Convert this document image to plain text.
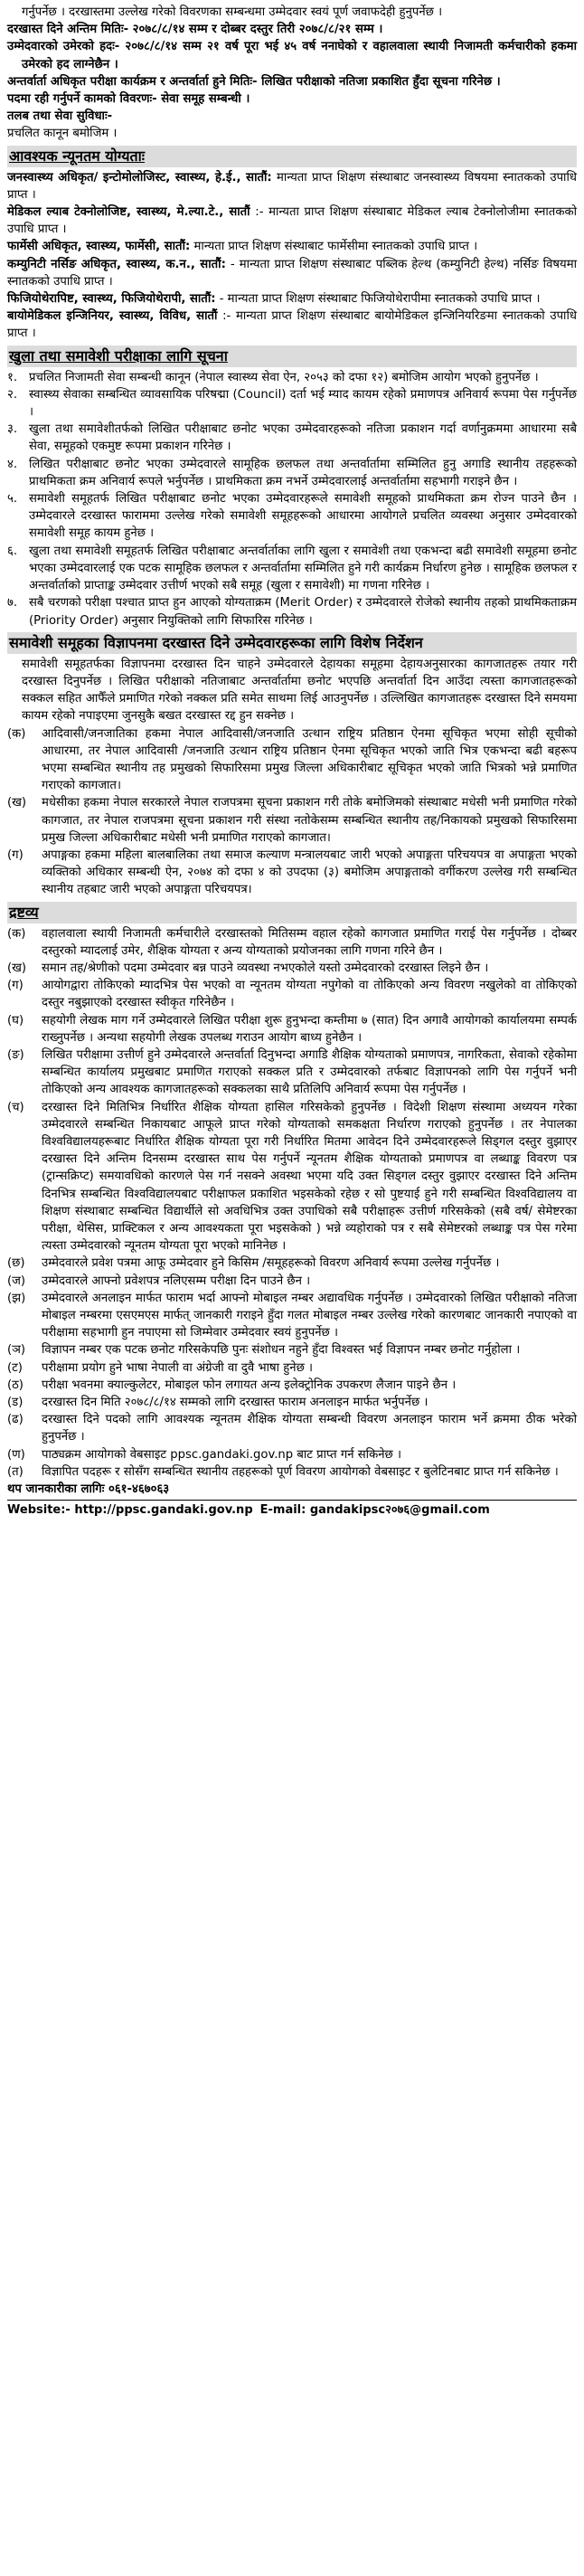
गर्नुपर्नेछ । दरखास्तमा उल्लेख गरेको विवरणका सम्बन्धमा उम्मेदवार स्वयं पूर्ण जवाफदेही हुनुपर्नेछ ।

दरखास्त दिने अन्तिम मितिः- २०७८/८/१४ सम्म र दोब्बर दस्तुर तिरी २०७८/८/२१ सम्म ।

उम्मेदवारको उमेरको हदः- २०७८/८/१४ सम्म २१ वर्ष पूरा भई ४५ वर्ष ननाघेको र वहालवाला स्थायी निजामती कर्मचारीको हकमा उमेरको हद लाग्नेछैन ।

अन्तर्वार्ता अधिकृत परीक्षा कार्यक्रम र अन्तर्वार्ता हुने मितिः- लिखित परीक्षाको नतिजा प्रकाशित हुँदा सूचना गरिनेछ ।

पदमा रही गर्नुपर्ने कामको विवरणः- सेवा समूह सम्बन्धी ।

तलब तथा सेवा सुविधाः-

प्रचलित कानून बमोजिम ।

आवश्यक न्यूनतम योग्यताः

जनस्वास्थ्य अधिकृत/ इन्टोमोलोजिस्ट, स्वास्थ्य, हे.ई., सातौं: मान्यता प्राप्त शिक्षण संस्थाबाट जनस्वास्थ्य विषयमा स्नातकको उपाधि प्राप्त ।

मेडिकल ल्याब टेक्नोलोजिष्ट, स्वास्थ्य, मे.ल्या.टे., सातौं :- मान्यता प्राप्त शिक्षण संस्थाबाट मेडिकल ल्याब टेक्नोलोजीमा स्नातकको उपाधि प्राप्त ।

फार्मेसी अधिकृत, स्वास्थ्य, फार्मेसी, सातौं: मान्यता प्राप्त शिक्षण संस्थाबाट फार्मेसीमा स्नातकको उपाधि प्राप्त ।

कम्युनिटी नर्सिङ अधिकृत, स्वास्थ्य, क.न., सातौं: - मान्यता प्राप्त शिक्षण संस्थाबाट पब्लिक हेल्थ (कम्युनिटी हेल्थ) नर्सिङ विषयमा स्नातकको उपाधि प्राप्त ।

फिजियोथेरापिष्ट, स्वास्थ्य, फिजियोथेरापी, सातौं: - मान्यता प्राप्त शिक्षण संस्थाबाट फिजियोथेरापीमा स्नातकको उपाधि प्राप्त ।

बायोमेडिकल इन्जिनियर, स्वास्थ्य, विविध, सातौं :- मान्यता प्राप्त शिक्षण संस्थाबाट बायोमेडिकल इन्जिनियरिङमा स्नातकको उपाधि प्राप्त ।

खुला तथा समावेशी परीक्षाका लागि सूचना
१. प्रचलित निजामती सेवा सम्बन्धी कानून (नेपाल स्वास्थ्य सेवा ऐन, २०५३ को दफा १२) बमोजिम आयोग भएको हुनुपर्नेछ ।
२. स्वास्थ्य सेवाका सम्बन्धित व्यावसायिक परिषद्मा (Council) दर्ता भई म्याद कायम रहेको प्रमाणपत्र अनिवार्य रूपमा पेस गर्नुपर्नेछ ।
३. खुला तथा समावेशीतर्फको लिखित परीक्षाबाट छनोट भएका उम्मेदवारहरूको नतिजा प्रकाशन गर्दा वर्णानुक्रममा आधारमा सबै सेवा, समूहको एकमुष्ट रूपमा प्रकाशन गरिनेछ ।
४. लिखित परीक्षाबाट छनोट भएका उम्मेदवारले सामूहिक छलफल तथा अन्तर्वार्तामा सम्मिलित हुनु अगाडि स्थानीय तहहरूको प्राथमिकता क्रम अनिवार्य रूपले भर्नुपर्नेछ । प्राथमिकता क्रम नभर्ने उम्मेदवारलाई अन्तर्वार्तामा सहभागी गराइने छैन ।
५. समावेशी समूहतर्फ लिखित परीक्षाबाट छनोट भएका उम्मेदवारहरूले समावेशी समूहको प्राथमिकता क्रम रोज्न पाउने छैन । उम्मेदवारले दरखास्त फाराममा उल्लेख गरेको समावेशी समूहहरूको आधारमा आयोगले प्रचलित व्यवस्था अनुसार उम्मेदवारको समावेशी समूह कायम हुनेछ ।
६. खुला तथा समावेशी समूहतर्फ लिखित परीक्षाबाट अन्तर्वार्ताका लागि खुला र समावेशी तथा एकभन्दा बढी समावेशी समूहमा छनोट भएका उम्मेदवारलाई एक पटक सामूहिक छलफल र अन्तर्वार्तामा सम्मिलित हुने गरी कार्यक्रम निर्धारण हुनेछ । सामूहिक छलफल र अन्तर्वार्ताको प्राप्ताङ्क उम्मेदवार उत्तीर्ण भएको सबै समूह (खुला र समावेशी) मा गणना गरिनेछ ।
७. सबै चरणको परीक्षा पश्चात प्राप्त हुन आएको योग्यताक्रम (Merit Order) र उम्मेदवारले रोजेको स्थानीय तहको प्राथमिकताक्रम (Priority Order) अनुसार नियुक्तिको लागि सिफारिस गरिनेछ ।
समावेशी समूहका विज्ञापनमा दरखास्त दिने उम्मेदवारहरूका लागि विशेष निर्देशन

समावेशी समूहतर्फका विज्ञापनमा दरखास्त दिन चाहने उम्मेदवारले देहायका समूहमा देहायअनुसारका कागजातहरू तयार गरी दरखास्त दिनुपर्नेछ । लिखित परीक्षाको नतिजाबाट अन्तर्वार्तामा छनोट भएपछि अन्तर्वार्ता दिन आउँदा त्यस्ता कागजातहरूको सक्कल सहित आफैँले प्रमाणित गरेको नक्कल प्रति समेत साथमा लिई आउनुपर्नेछ । उल्लिखित कागजातहरू दरखास्त दिने समयमा कायम रहेको नपाइएमा जुनसुकै बखत दरखास्त रद्द हुन सक्नेछ ।

(क)	आदिवासी/जनजातिका हकमा नेपाल आदिवासी/जनजाति उत्थान राष्ट्रिय प्रतिष्ठान ऐनमा सूचिकृत भएमा सोही सूचीको आधारमा, तर नेपाल आदिवासी /जनजाति उत्थान राष्ट्रिय प्रतिष्ठान ऐनमा सूचिकृत भएको जाति भित्र एकभन्दा बढी बहरूप भएमा सम्बन्धित स्थानीय तह प्रमुखको सिफारिसमा प्रमुख जिल्ला अधिकारीबाट सूचिकृत भएको जाति भित्रको भन्ने प्रमाणित गराएको कागजात।
(ख)	मधेसीका हकमा नेपाल सरकारले नेपाल राजपत्रमा सूचना प्रकाशन गरी तोके बमोजिमको संस्थाबाट मधेसी भनी प्रमाणित गरेको कागजात, तर नेपाल राजपत्रमा सूचना प्रकाशन गरी संस्था नतोकेसम्म सम्बन्धित स्थानीय तह/निकायको प्रमुखको सिफारिसमा प्रमुख जिल्ला अधिकारीबाट मधेसी भनी प्रमाणित गराएको कागजात।
(ग)	अपाङ्गका हकमा महिला बालबालिका तथा समाज कल्याण मन्त्रालयबाट जारी भएको अपाङ्गता परिचयपत्र वा अपाङ्गता भएको व्यक्तिको अधिकार सम्बन्धी ऐन, २०७४ को दफा ४ को उपदफा (३) बमोजिम अपाङ्गताको वर्गीकरण उल्लेख गरी सम्बन्धित स्थानीय तहबाट जारी भएको अपाङ्गता परिचयपत्र।
द्रष्टव्य
(क)	वहालवाला स्थायी निजामती कर्मचारीले दरखास्तको मितिसम्म वहाल रहेको कागजात प्रमाणित गराई पेस गर्नुपर्नेछ । दोब्बर दस्तुरको म्यादलाई उमेर, शैक्षिक योग्यता र अन्य योग्यताको प्रयोजनका लागि गणना गरिने छैन ।
(ख)	समान तह/श्रेणीको पदमा उम्मेदवार बन्न पाउने व्यवस्था नभएकोले यस्तो उम्मेदवारको दरखास्त लिइने छैन ।
(ग)	आयोगद्वारा तोकिएको म्यादभित्र पेस भएको वा न्यूनतम योग्यता नपुगेको वा तोकिएको अन्य विवरण नखुलेको वा तोकिएको दस्तुर नबुझाएको दरखास्त स्वीकृत गरिनेछैन ।
(घ)	सहयोगी लेखक माग गर्ने उम्मेदवारले लिखित परीक्षा शुरू हुनुभन्दा कम्तीमा ७ (सात) दिन अगावै आयोगको कार्यालयमा सम्पर्क राख्नुपर्नेछ । अन्यथा सहयोगी लेखक उपलब्ध गराउन आयोग बाध्य हुनेछैन ।
(ङ)	लिखित परीक्षामा उत्तीर्ण हुने उम्मेदवारले अन्तर्वार्ता दिनुभन्दा अगाडि शैक्षिक योग्यताको प्रमाणपत्र, नागरिकता, सेवाको रहेकोमा सम्बन्धित कार्यालय प्रमुखबाट प्रमाणित गराएको सक्कल प्रति र उम्मेदवारको तर्फबाट विज्ञापनको लागि पेस गर्नुपर्ने भनी तोकिएको अन्य आवश्यक कागजातहरूको सक्कलका साथै प्रतिलिपि अनिवार्य रूपमा पेस गर्नुपर्नेछ ।
(च)	दरखास्त दिने मितिभित्र निर्धारित शैक्षिक योग्यता हासिल गरिसकेको हुनुपर्नेछ । विदेशी शिक्षण संस्थामा अध्ययन गरेका उम्मेदवारले सम्बन्धित निकायबाट आफूले प्राप्त गरेको योग्यताको समकक्षता निर्धारण गराएको हुनुपर्नेछ । तर नेपालका विश्वविद्यालयहरूबाट निर्धारित शैक्षिक योग्यता पूरा गरी निर्धारित मितमा आवेदन दिने उम्मेदवारहरूले सिड्गल दस्तुर वुझाएर दरखास्त दिने अन्तिम दिनसम्म दरखास्त साथ पेस गर्नुपर्ने न्यूनतम शैक्षिक योग्यताको प्रमाणपत्र वा लब्धाङ्क विवरण पत्र (ट्रान्सक्रिप्ट) समयावधिको कारणले पेस गर्न नसक्ने अवस्था भएमा यदि उक्त सिड्गल दस्तुर वुझाएर दरखास्त दिने अन्तिम दिनभित्र सम्बन्धित विश्वविद्यालयबाट परीक्षाफल प्रकाशित भइसकेको रहेछ र सो पुष्टयाई हुने गरी सम्बन्धित विश्वविद्यालय वा शिक्षण संस्थाबाट सम्बन्धित विद्यार्थीले सो अवधिभित्र उक्त उपाधिको सबै परीक्षाहरू उत्तीर्ण गरिसकेको (सबै वर्ष/ सेमेष्टरका परीक्षा, थेसिस, प्राक्टिकल र अन्य आवश्यकता पूरा भइसकेको ) भन्ने व्यहोराको पत्र र सबै सेमेष्टरको लब्धाङ्क पत्र पेस गरेमा त्यस्ता उम्मेदवारको न्यूनतम योग्यता पूरा भएको मानिनेछ ।
(छ)	उम्मेदवारले प्रवेश पत्रमा आफू उम्मेदवार हुने किसिम /समूहहरूको विवरण अनिवार्य रूपमा उल्लेख गर्नुपर्नेछ ।
(ज)	उम्मेदवारले आफ्नो प्रवेशपत्र नलिएसम्म परीक्षा दिन पाउने छैन ।
(झ)	उम्मेदवारले अनलाइन मार्फत फाराम भर्दा आफ्नो मोबाइल नम्बर अद्यावधिक गर्नुपर्नेछ । उम्मेदवारको लिखित परीक्षाको नतिजा मोबाइल नम्बरमा एसएमएस मार्फत् जानकारी गराइने हुँदा गलत मोबाइल नम्बर उल्लेख गरेको कारणबाट जानकारी नपाएको वा परीक्षामा सहभागी हुन नपाएमा सो जिम्मेवार उम्मेदवार स्वयं हुनुपर्नेछ ।
(ञ)	विज्ञापन नम्बर एक पटक छनोट गरिसकेपछि पुनः संशोधन नहुने हुँदा विश्वस्त भई विज्ञापन नम्बर छनोट गर्नुहोला ।
(ट)	परीक्षामा प्रयोग हुने भाषा नेपाली वा अंग्रेजी वा दुवै भाषा हुनेछ ।
(ठ)	परीक्षा भवनमा क्याल्कुलेटर, मोबाइल फोन लगायत अन्य इलेक्ट्रोनिक उपकरण लैजान पाइने छैन ।
(ड)	दरखास्त दिन मिति २०७८/८/१४ सम्मको लागि दरखास्त फाराम अनलाइन मार्फत भर्नुपर्नेछ ।
(ढ)	दरखास्त दिने पदको लागि आवश्यक न्यूनतम शैक्षिक योग्यता सम्बन्धी विवरण अनलाइन फाराम भर्ने क्रममा ठीक भरेको हुनुपर्नेछ ।
(ण)	पाठ्यक्रम आयोगको वेबसाइट ppsc.gandaki.gov.np बाट प्राप्त गर्न सकिनेछ ।
(त)	विज्ञापित पदहरू र सोसँग सम्बन्धित स्थानीय तहहरूको पूर्ण विवरण आयोगको वेबसाइट र बुलेटिनबाट प्राप्त गर्न सकिनेछ ।

थप जानकारीका लागिः ०६१-४६७०६३

Website:- http://ppsc.gandaki.gov.np E-mail: gandakipsc२०७६@gmail.com
